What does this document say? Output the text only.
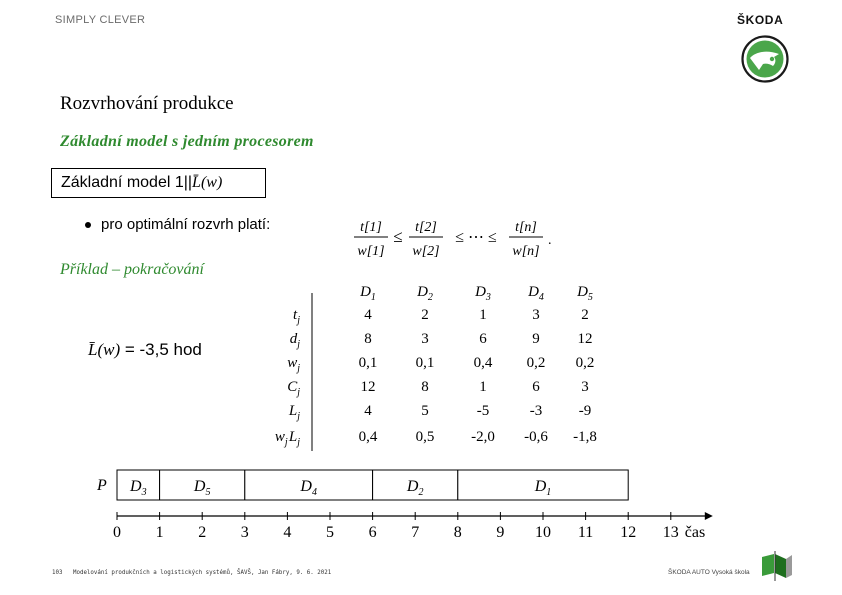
SIMPLY CLEVER	ŠKODA
Rozvrhování produkce
Základní model s jedním procesorem
Základní model 1||L̄(w)
pro optimální rozvrh platí:	t[1]
w[1]
≤ t[2]
w[2]
≤ ⋯ ≤
t[n]
w[n]
.
Příklad – pokračování
L̄(w) = -3,5 hod
$D_1$	$D_2$	$D_3$ $D_4$ $D_5$
$t_j$	4	2	1	3	2
$d_j$	8	3	6	9	12
$w_j$	0,1	0,1	0,4 0,2 0,2
$C_j$	12	8	1	6	3
$L_j$	4	5	-5	-3 -9
$w_j$ $L_j$	0,4	0,5 -2,0 -0,6 -1,8
P $D_3$	$D_5$	$D_4$	$D_2$	$D_1$
0 1 2 3 4 5 6 7 8 9 10 11 12 13 čas
103 Modelování produkčních a logistických systémů, ŠAVŠ, Jan Fábry, 9. 6. 2021	ŠKODA AUTO Vysoká škola
